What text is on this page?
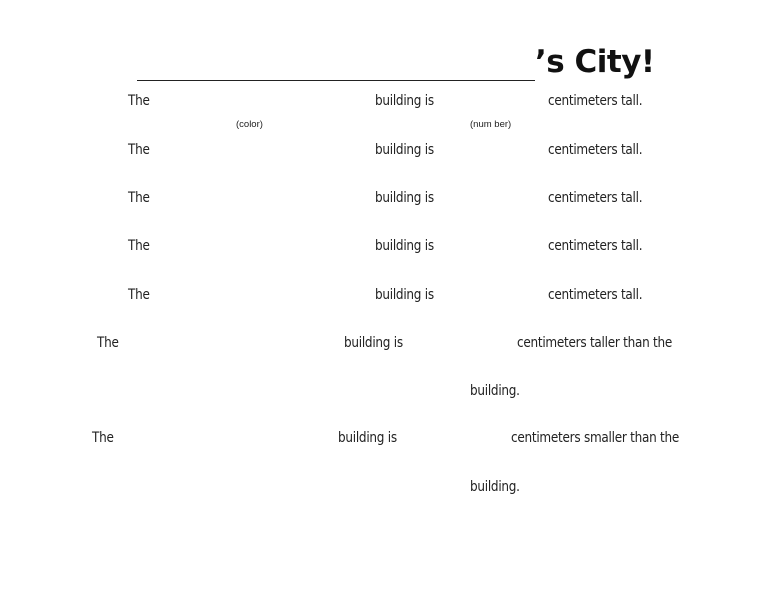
’s City!
The	building is	centimeters tall.
(color)	(num ber)
The	building is	centimeters tall.
The	building is	centimeters tall.
The	building is	centimeters tall.
The	building is	centimeters tall.
The	building is	centimeters taller than the
building.
The	building is	centimeters smaller than the
building.
